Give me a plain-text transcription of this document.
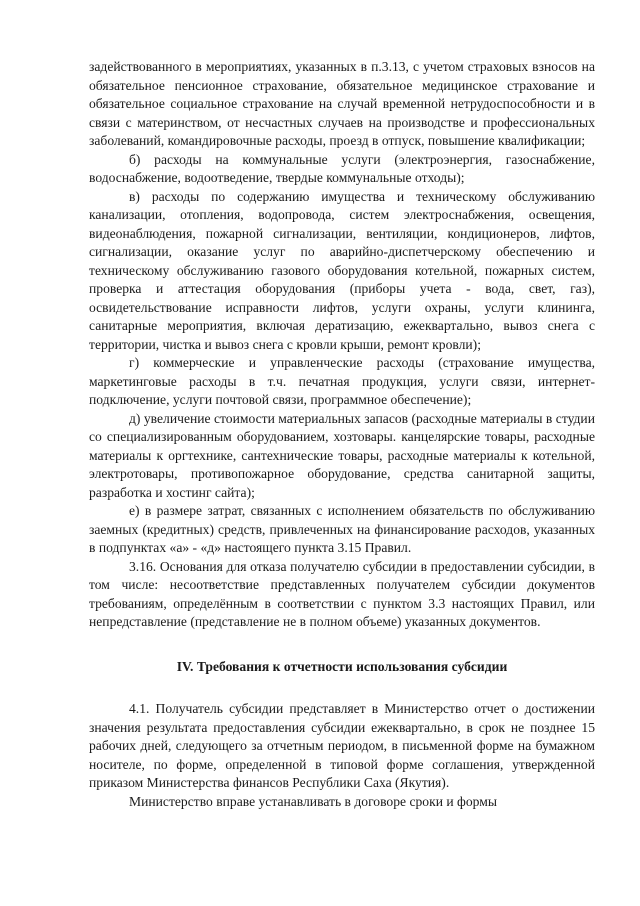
задействованного в мероприятиях, указанных в п.3.13, с учетом страховых взносов на обязательное пенсионное страхование, обязательное медицинское страхование и обязательное социальное страхование на случай временной нетрудоспособности и в связи с материнством, от несчастных случаев на производстве и профессиональных заболеваний, командировочные расходы, проезд в отпуск, повышение квалификации;

б) расходы на коммунальные услуги (электроэнергия, газоснабжение, водоснабжение, водоотведение, твердые коммунальные отходы);

в) расходы по содержанию имущества и техническому обслуживанию канализации, отопления, водопровода, систем электроснабжения, освещения, видеонаблюдения, пожарной сигнализации, вентиляции, кондиционеров, лифтов, сигнализации, оказание услуг по аварийно-диспетчерскому обеспечению и техническому обслуживанию газового оборудования котельной, пожарных систем, проверка и аттестация оборудования (приборы учета - вода, свет, газ), освидетельствование исправности лифтов, услуги охраны, услуги клининга, санитарные мероприятия, включая дератизацию, ежеквартально, вывоз снега с территории, чистка и вывоз снега с кровли крыши, ремонт кровли);

г) коммерческие и управленческие расходы (страхование имущества, маркетинговые расходы в т.ч. печатная продукция, услуги связи, интернет-подключение, услуги почтовой связи, программное обеспечение);

д) увеличение стоимости материальных запасов (расходные материалы в студии со специализированным оборудованием, хозтовары. канцелярские товары, расходные материалы к оргтехнике, сантехнические товары, расходные материалы к котельной, электротовары, противопожарное оборудование, средства санитарной защиты, разработка и хостинг сайта);

е) в размере затрат, связанных с исполнением обязательств по обслуживанию заемных (кредитных) средств, привлеченных на финансирование расходов, указанных в подпунктах «а» - «д» настоящего пункта 3.15 Правил.

3.16. Основания для отказа получателю субсидии в предоставлении субсидии, в том числе: несоответствие представленных получателем субсидии документов требованиям, определённым в соответствии с пунктом 3.3 настоящих Правил, или непредставление (представление не в полном объеме) указанных документов.

IV. Требования к отчетности использования субсидии

4.1. Получатель субсидии представляет в Министерство отчет о достижении значения результата предоставления субсидии ежеквартально, в срок не позднее 15 рабочих дней, следующего за отчетным периодом, в письменной форме на бумажном носителе, по форме, определенной в типовой форме соглашения, утвержденной приказом Министерства финансов Республики Саха (Якутия).

Министерство вправе устанавливать в договоре сроки и формы
